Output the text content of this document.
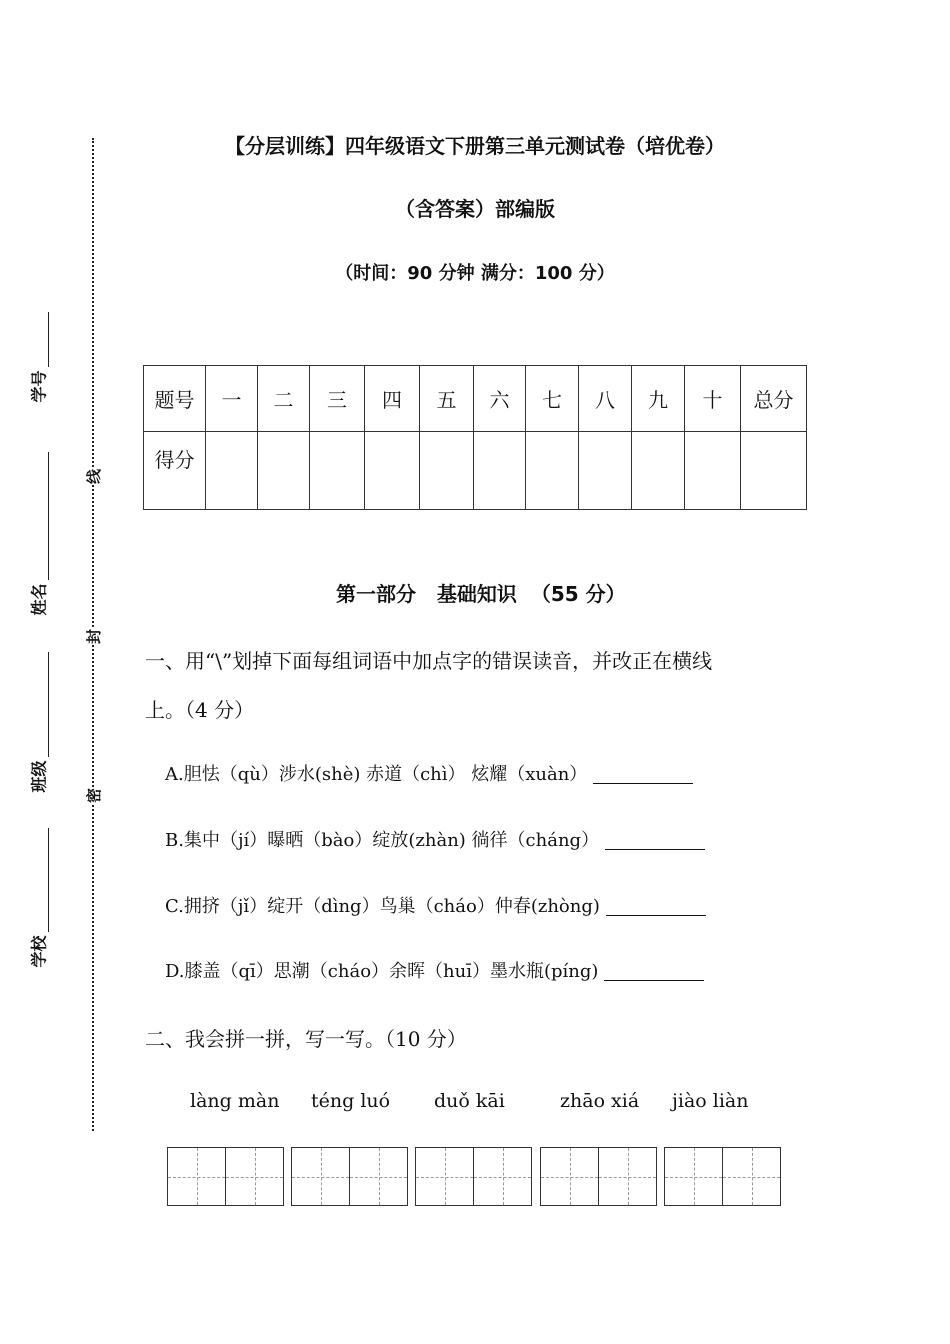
学号
姓名
班级
学校
线
封
密
【分层训练】四年级语文下册第三单元测试卷（培优卷）
（含答案）部编版
（时间：90 分钟 满分：100 分）
题号	一	二	三	四	五	六	七	八	九	十	总分
得分											
第一部分   基础知识  （55 分）
一、用“\”划掉下面每组词语中加点字的错误读音，并改正在横线
上。（4 分）
A.胆怯（qù）涉水(shè) 赤道（chì） 炫耀（xuàn）
B.集中（jí）曝晒（bào）绽放(zhàn) 徜徉（cháng）
C.拥挤（jǐ）绽开（dìng）鸟巢（cháo）仲春(zhòng)
D.膝盖（qī）思潮（cháo）余晖（huī）墨水瓶(píng)
二、我会拼一拼，写一写。（10 分）
làng màn téng luó duǒ kāi	zhāo xiá jiào liàn
